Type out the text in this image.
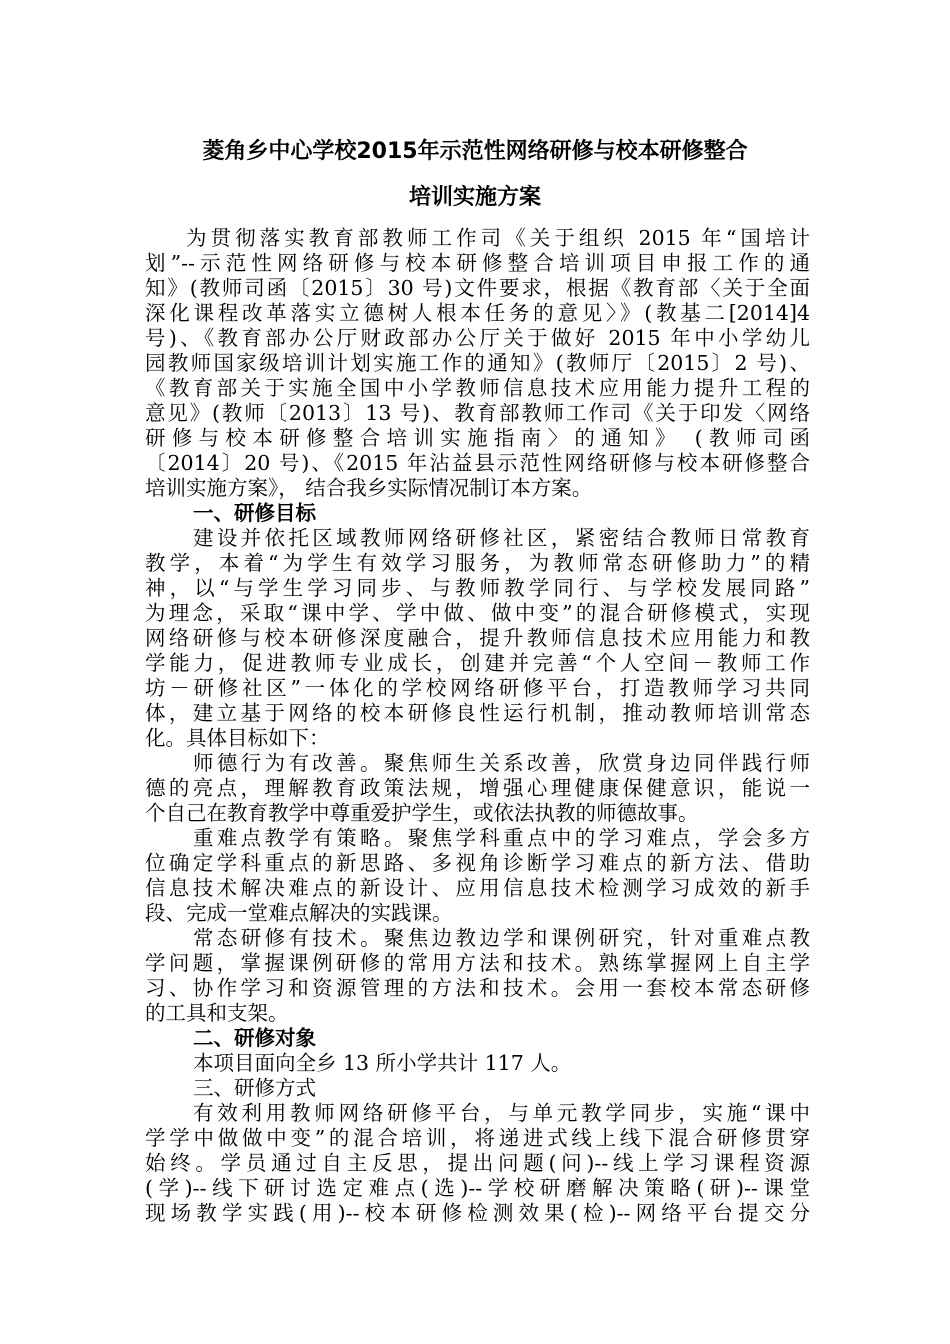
菱角乡中心学校2015年示范性网络研修与校本研修整合
培训实施方案
为贯彻落实教育部教师工作司《关于组织 2015 年“国培计
划”--示范性网络研修与校本研修整合培训项目申报工作的通
知》(教师司函〔2015〕30 号)文件要求，根据《教育部〈关于全面
深化课程改革落实立德树人根本任务的意见〉》(教基二[2014]4
号)、《教育部办公厅财政部办公厅关于做好 2015 年中小学幼儿
园教师国家级培训计划实施工作的通知》(教师厅〔2015〕2 号)、
《教育部关于实施全国中小学教师信息技术应用能力提升工程的
意见》(教师〔2013〕13 号)、教育部教师工作司《关于印发〈网络
研修与校本研修整合培训实施指南〉的通知》 (教师司函
〔2014〕20 号)、《2015 年沾益县示范性网络研修与校本研修整合
培训实施方案》， 结合我乡实际情况制订本方案。
一、研修目标
建设并依托区域教师网络研修社区，紧密结合教师日常教育
教学，本着“为学生有效学习服务，为教师常态研修助力”的精
神，以“与学生学习同步、与教师教学同行、与学校发展同路”
为理念，采取“课中学、学中做、做中变”的混合研修模式，实现
网络研修与校本研修深度融合，提升教师信息技术应用能力和教
学能力，促进教师专业成长，创建并完善“个人空间－教师工作
坊－研修社区”一体化的学校网络研修平台，打造教师学习共同
体，建立基于网络的校本研修良性运行机制，推动教师培训常态
化。具体目标如下：
师德行为有改善。聚焦师生关系改善，欣赏身边同伴践行师
德的亮点，理解教育政策法规，增强心理健康保健意识，能说一
个自己在教育教学中尊重爱护学生，或依法执教的师德故事。
重难点教学有策略。聚焦学科重点中的学习难点，学会多方
位确定学科重点的新思路、多视角诊断学习难点的新方法、借助
信息技术解决难点的新设计、应用信息技术检测学习成效的新手
段、完成一堂难点解决的实践课。
常态研修有技术。聚焦边教边学和课例研究，针对重难点教
学问题，掌握课例研修的常用方法和技术。熟练掌握网上自主学
习、协作学习和资源管理的方法和技术。会用一套校本常态研修
的工具和支架。
二、研修对象
本项目面向全乡 13 所小学共计 117 人。
三、研修方式
有效利用教师网络研修平台，与单元教学同步，实施“课中
学学中做做中变”的混合培训，将递进式线上线下混合研修贯穿
始终。学员通过自主反思，提出问题(问)--线上学习课程资源
(学)--线下研讨选定难点(选)--学校研磨解决策略(研)--课堂
现场教学实践(用)--校本研修检测效果(检)--网络平台提交分
